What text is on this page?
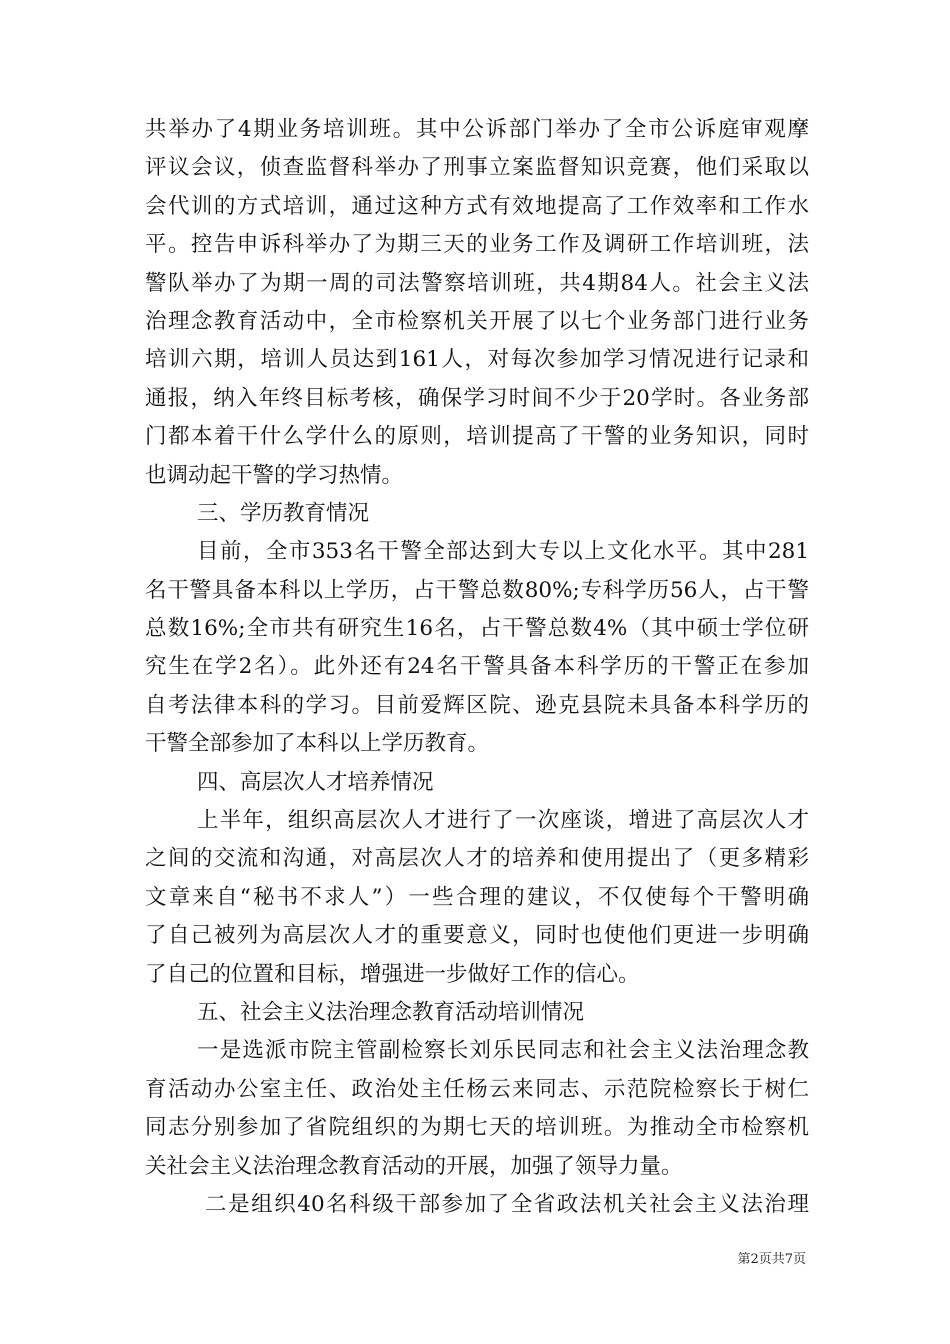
共举办了4期业务培训班。其中公诉部门举办了全市公诉庭审观摩
评议会议，侦查监督科举办了刑事立案监督知识竞赛，他们采取以
会代训的方式培训，通过这种方式有效地提高了工作效率和工作水
平。控告申诉科举办了为期三天的业务工作及调研工作培训班，法
警队举办了为期一周的司法警察培训班，共4期84人。社会主义法
治理念教育活动中，全市检察机关开展了以七个业务部门进行业务
培训六期，培训人员达到161人，对每次参加学习情况进行记录和
通报，纳入年终目标考核，确保学习时间不少于20学时。各业务部
门都本着干什么学什么的原则，培训提高了干警的业务知识，同时
也调动起干警的学习热情。
三、学历教育情况
目前，全市353名干警全部达到大专以上文化水平。其中281
名干警具备本科以上学历，占干警总数80%;专科学历56人，占干警
总数16%;全市共有研究生16名，占干警总数4%（其中硕士学位研
究生在学2名）。此外还有24名干警具备本科学历的干警正在参加
自考法律本科的学习。目前爱辉区院、逊克县院未具备本科学历的
干警全部参加了本科以上学历教育。
四、高层次人才培养情况
上半年，组织高层次人才进行了一次座谈，增进了高层次人才
之间的交流和沟通，对高层次人才的培养和使用提出了（更多精彩
文章来自“秘书不求人”）一些合理的建议，不仅使每个干警明确
了自己被列为高层次人才的重要意义，同时也使他们更进一步明确
了自己的位置和目标，增强进一步做好工作的信心。
五、社会主义法治理念教育活动培训情况
一是选派市院主管副检察长刘乐民同志和社会主义法治理念教
育活动办公室主任、政治处主任杨云来同志、示范院检察长于树仁
同志分别参加了省院组织的为期七天的培训班。为推动全市检察机
关社会主义法治理念教育活动的开展，加强了领导力量。
二是组织40名科级干部参加了全省政法机关社会主义法治理
第2页共7页
